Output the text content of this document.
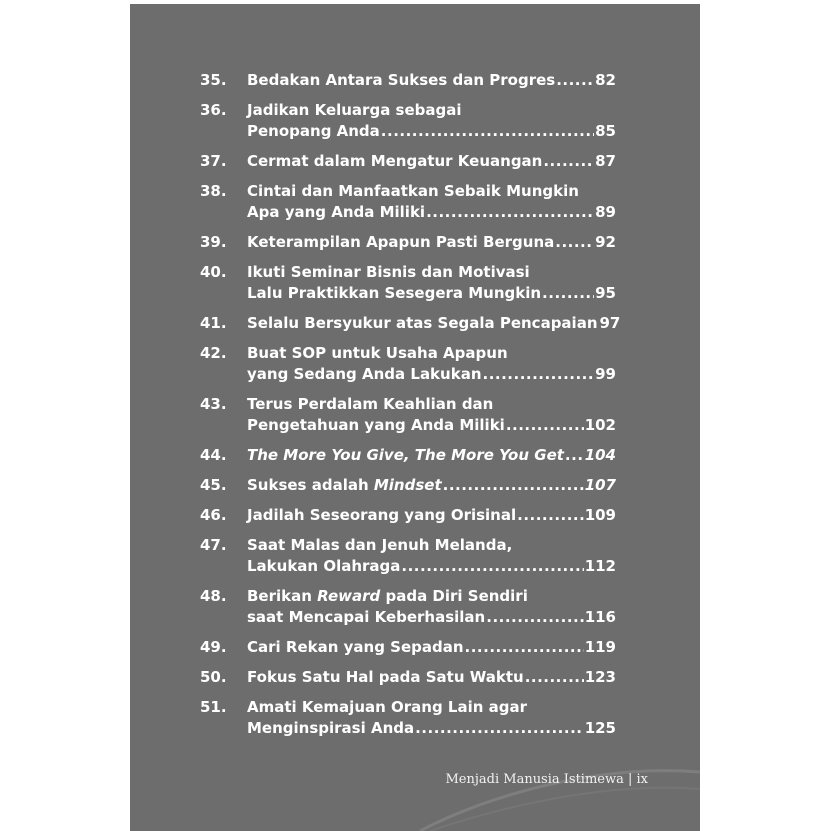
35.	Bedakan Antara Sukses dan Progres .....	82
36.	Jadikan Keluarga sebagai
Penopang Anda .....	85
37.	Cermat dalam Mengatur Keuangan .....	87
38.	Cintai dan Manfaatkan Sebaik Mungkin
Apa yang Anda Miliki .....	89
39.	Keterampilan Apapun Pasti Berguna .....	92
40.	Ikuti Seminar Bisnis dan Motivasi
Lalu Praktikkan Sesegera Mungkin .....	95
41.	Selalu Bersyukur atas Segala Pencapaian 97
42.	Buat SOP untuk Usaha Apapun
yang Sedang Anda Lakukan .....	99
43.	Terus Perdalam Keahlian dan
Pengetahuan yang Anda Miliki .....	102
44.	The More You Give, The More You Get ..... 104
45.	Sukses adalah Mindset .....	107
46.	Jadilah Seseorang yang Orisinal .....	109
47.	Saat Malas dan Jenuh Melanda,
Lakukan Olahraga .....	112
48.	Berikan Reward pada Diri Sendiri
saat Mencapai Keberhasilan .....	116
49.	Cari Rekan yang Sepadan .....	119
50.	Fokus Satu Hal pada Satu Waktu .....	123
51.	Amati Kemajuan Orang Lain agar
Menginspirasi Anda .....	125
Menjadi Manusia Istimewa | ix
